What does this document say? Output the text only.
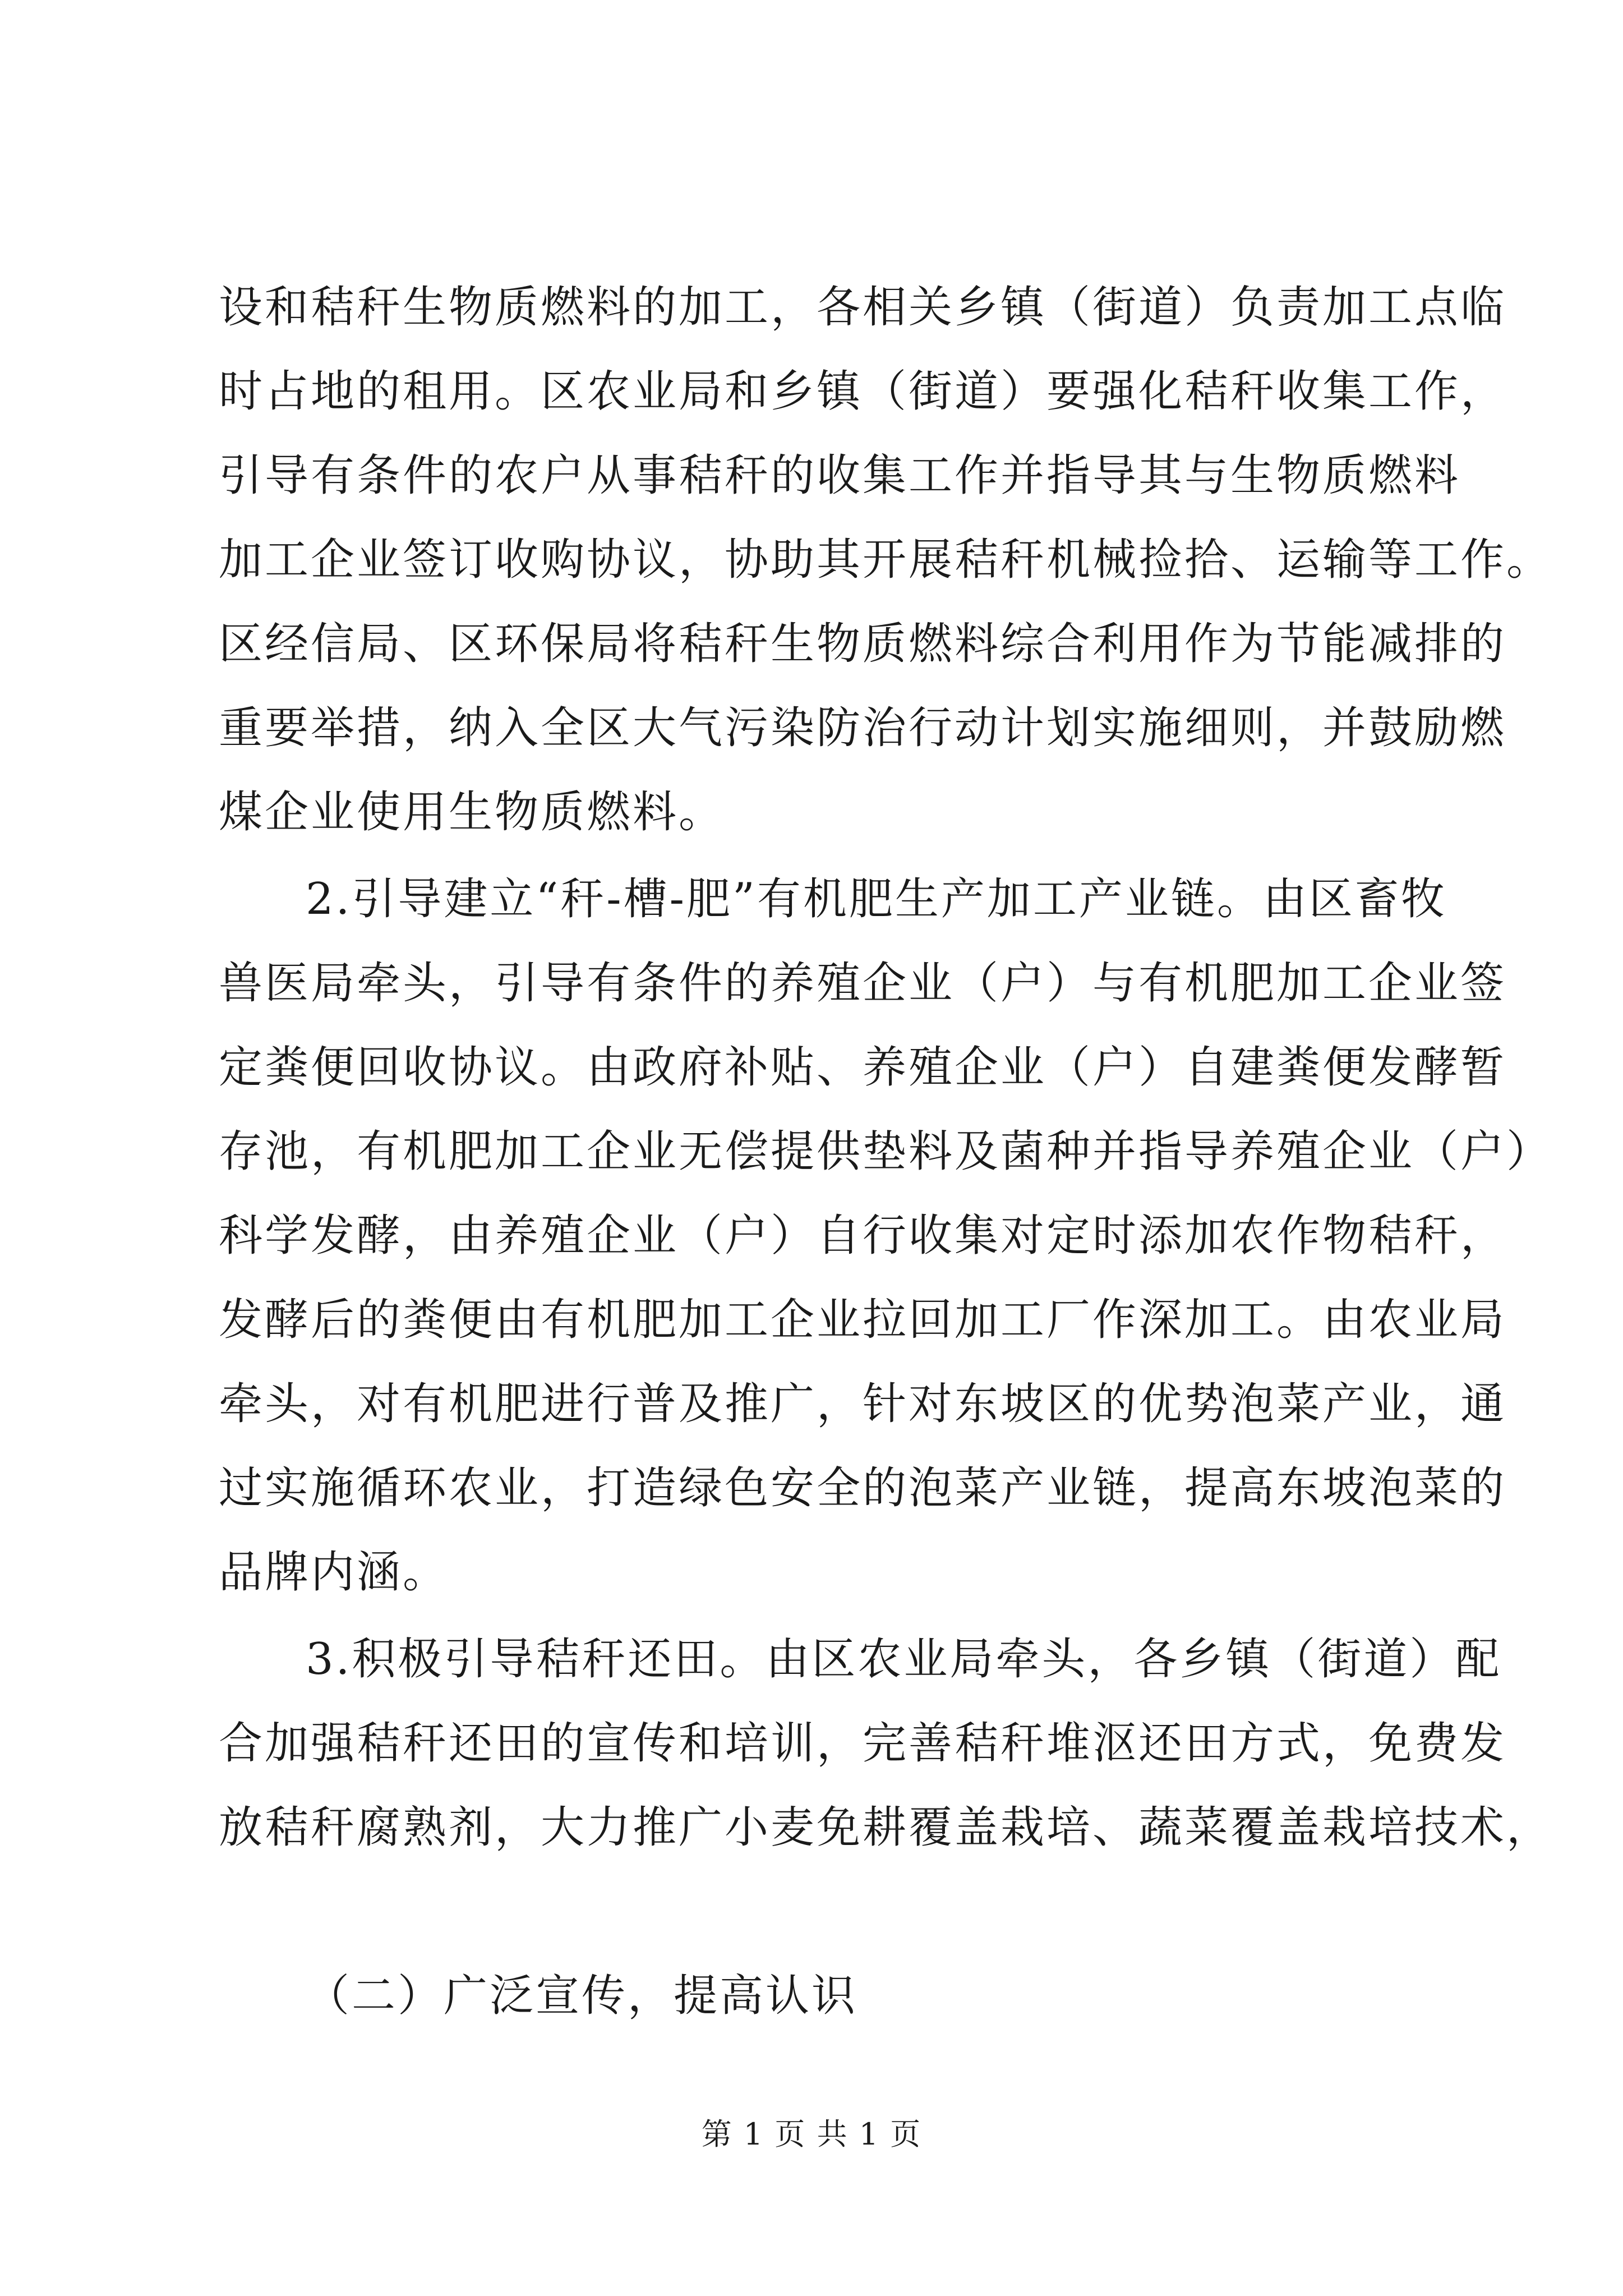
设和秸秆生物质燃料的加工，各相关乡镇（街道）负责加工点临
时占地的租用。区农业局和乡镇（街道）要强化秸秆收集工作，
引导有条件的农户从事秸秆的收集工作并指导其与生物质燃料
加工企业签订收购协议，协助其开展秸秆机械捡拾、运输等工作。
区经信局、区环保局将秸秆生物质燃料综合利用作为节能减排的
重要举措，纳入全区大气污染防治行动计划实施细则，并鼓励燃
煤企业使用生物质燃料。
2.引导建立“秆-槽-肥”有机肥生产加工产业链。由区畜牧
兽医局牵头，引导有条件的养殖企业（户）与有机肥加工企业签
定粪便回收协议。由政府补贴、养殖企业（户）自建粪便发酵暂
存池，有机肥加工企业无偿提供垫料及菌种并指导养殖企业（户）
科学发酵，由养殖企业（户）自行收集对定时添加农作物秸秆，
发酵后的粪便由有机肥加工企业拉回加工厂作深加工。由农业局
牵头，对有机肥进行普及推广，针对东坡区的优势泡菜产业，通
过实施循环农业，打造绿色安全的泡菜产业链，提高东坡泡菜的
品牌内涵。
3.积极引导秸秆还田。由区农业局牵头，各乡镇（街道）配
合加强秸秆还田的宣传和培训，完善秸秆堆沤还田方式，免费发
放秸秆腐熟剂，大力推广小麦免耕覆盖栽培、蔬菜覆盖栽培技术，
（二）广泛宣传，提高认识
第 1 页 共 1 页
